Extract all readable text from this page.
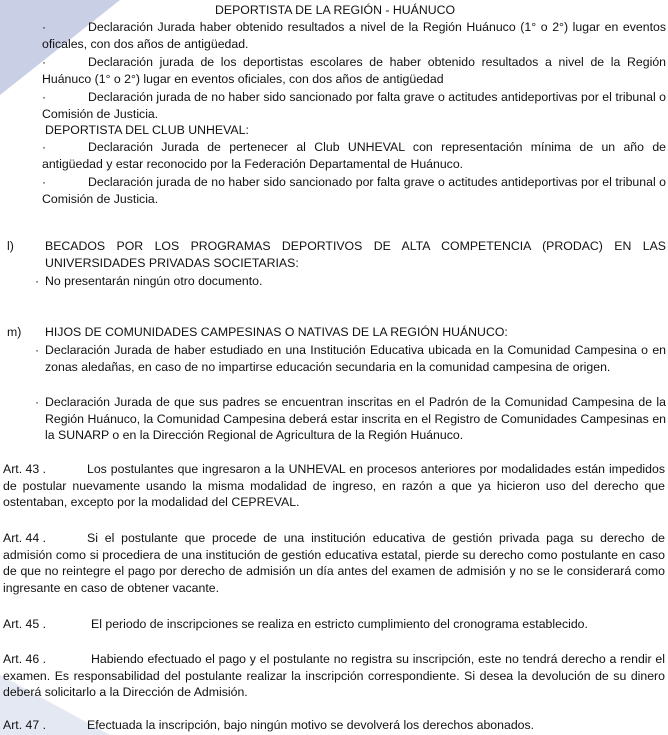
DEPORTISTA DE LA REGIÓN - HUÁNUCO
·	Declaración Jurada haber obtenido resultados a nivel de la Región Huánuco (1° o 2°) lugar en eventos oficales, con dos años de antigüedad.
·	Declaración jurada de los deportistas escolares de haber obtenido resultados a nivel de la Región Huánuco (1° o 2°) lugar en eventos oficiales, con dos años de antigüedad
·	Declaración jurada de no haber sido sancionado por falta grave o actitudes antideportivas por el tribunal o Comisión de Justicia.
DEPORTISTA DEL CLUB UNHEVAL:
·	Declaración Jurada de pertenecer al Club UNHEVAL con representación mínima de un año de antigüedad y estar reconocido por la Federación Departamental de Huánuco.
·	Declaración jurada de no haber sido sancionado por falta grave o actitudes antideportivas por el tribunal o Comisión de Justicia.
l)	BECADOS POR LOS PROGRAMAS DEPORTIVOS DE ALTA COMPETENCIA (PRODAC) EN LAS UNIVERSIDADES PRIVADAS SOCIETARIAS:
· No presentarán ningún otro documento.
m) HIJOS DE COMUNIDADES CAMPESINAS O NATIVAS DE LA REGIÓN HUÁNUCO:
· Declaración Jurada de haber estudiado en una Institución Educativa ubicada en la Comunidad Campesina o en zonas aledañas, en caso de no impartirse educación secundaria en la comunidad campesina de origen.
· Declaración Jurada de que sus padres se encuentran inscritas en el Padrón de la Comunidad Campesina de la Región Huánuco, la Comunidad Campesina deberá estar inscrita en el Registro de Comunidades Campesinas en la SUNARP o en la Dirección Regional de Agricultura de la Región Huánuco.
Art. 43 .	Los postulantes que ingresaron a la UNHEVAL en procesos anteriores por modalidades están impedidos de postular nuevamente usando la misma modalidad de ingreso, en razón a que ya hicieron uso del derecho que ostentaban, excepto por la modalidad del CEPREVAL.
Art. 44 .	Si el postulante que procede de una institución educativa de gestión privada paga su derecho de admisión como si procediera de una institución de gestión educativa estatal, pierde su derecho como postulante en caso de que no reintegre el pago por derecho de admisión un día antes del examen de admisión y no se le considerará como ingresante en caso de obtener vacante.
Art. 45 .	El periodo de inscripciones se realiza en estricto cumplimiento del cronograma establecido.
Art. 46 .	Habiendo efectuado el pago y el postulante no registra su inscripción, este no tendrá derecho a rendir el examen. Es responsabilidad del postulante realizar la inscripción correspondiente. Si desea la devolución de su dinero deberá solicitarlo a la Dirección de Admisión.
Art. 47 .	Efectuada la inscripción, bajo ningún motivo se devolverá los derechos abonados.
